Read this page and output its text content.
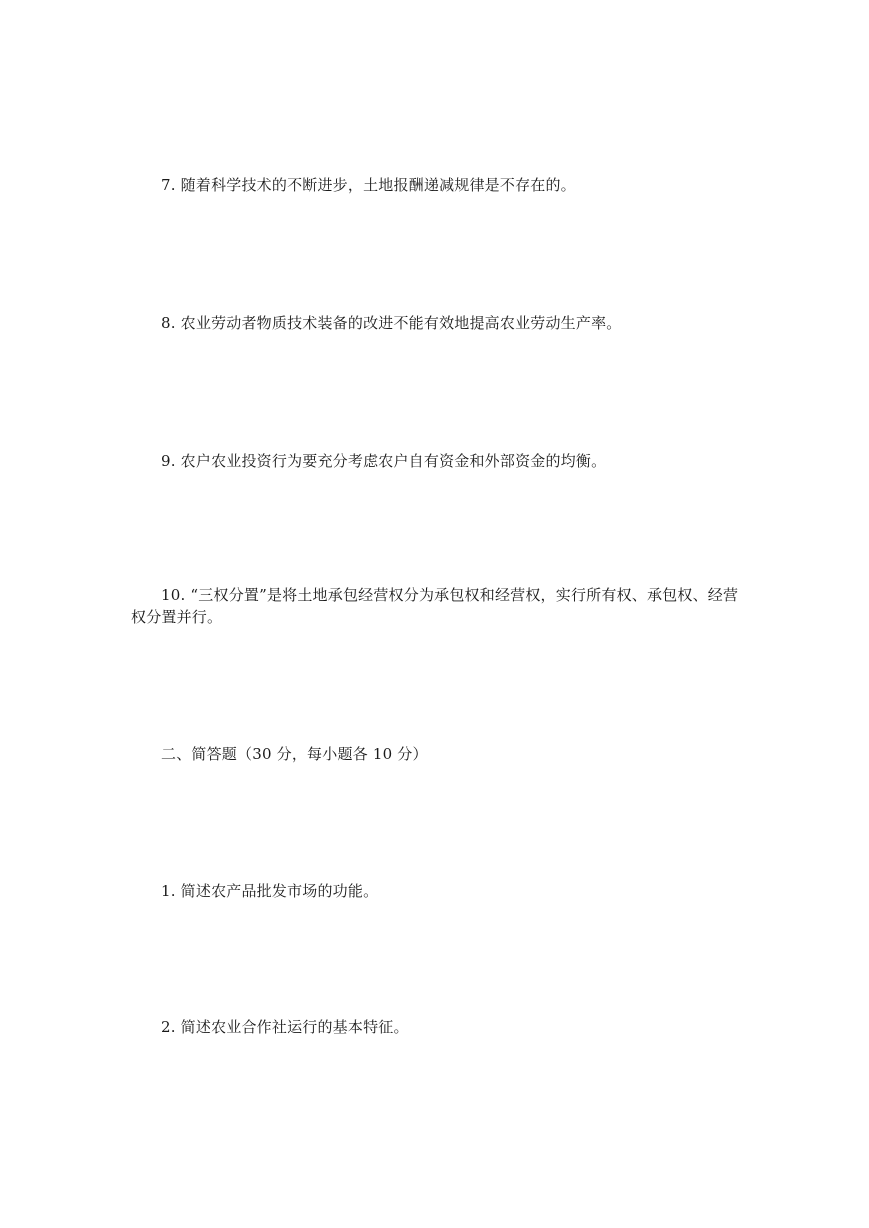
7. 随着科学技术的不断进步，土地报酬递减规律是不存在的。

8. 农业劳动者物质技术装备的改进不能有效地提高农业劳动生产率。

9. 农户农业投资行为要充分考虑农户自有资金和外部资金的均衡。

10. “三权分置”是将土地承包经营权分为承包权和经营权，实行所有权、承包权、经营权分置并行。

二、简答题（30 分，每小题各 10 分）

1. 简述农产品批发市场的功能。

2. 简述农业合作社运行的基本特征。
